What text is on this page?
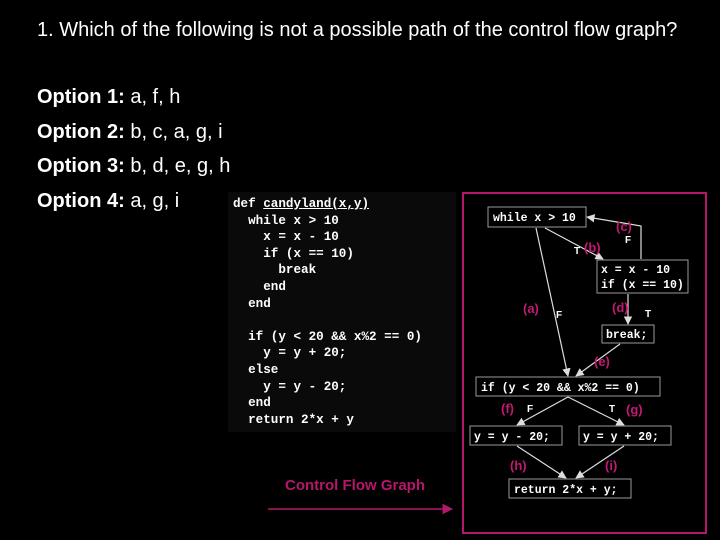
1. Which of the following is not a possible path of the control flow graph?
Option 1: a, f, h
Option 2: b, c, a, g, i
Option 3: b, d, e, g, h
Option 4: a, g, i	def candyland(x,y)
while x > 10
x = x - 10
if (x == 10)
break
end
end

if (y < 20 && x%2 == 0)
y = y + 20;
else
y = y - 20;
end
return 2*x + y
Control Flow Graph
while x > 10
x = x - 10
if (x == 10)
break;
if (y < 20 && x%2 == 0)
y = y - 20;	y = y + 20;
return 2*x + y;
(c)
(b)
(a)	(d)
(e)
(f)	(g)
(h)	(i)
T
F
F	T
F	T
